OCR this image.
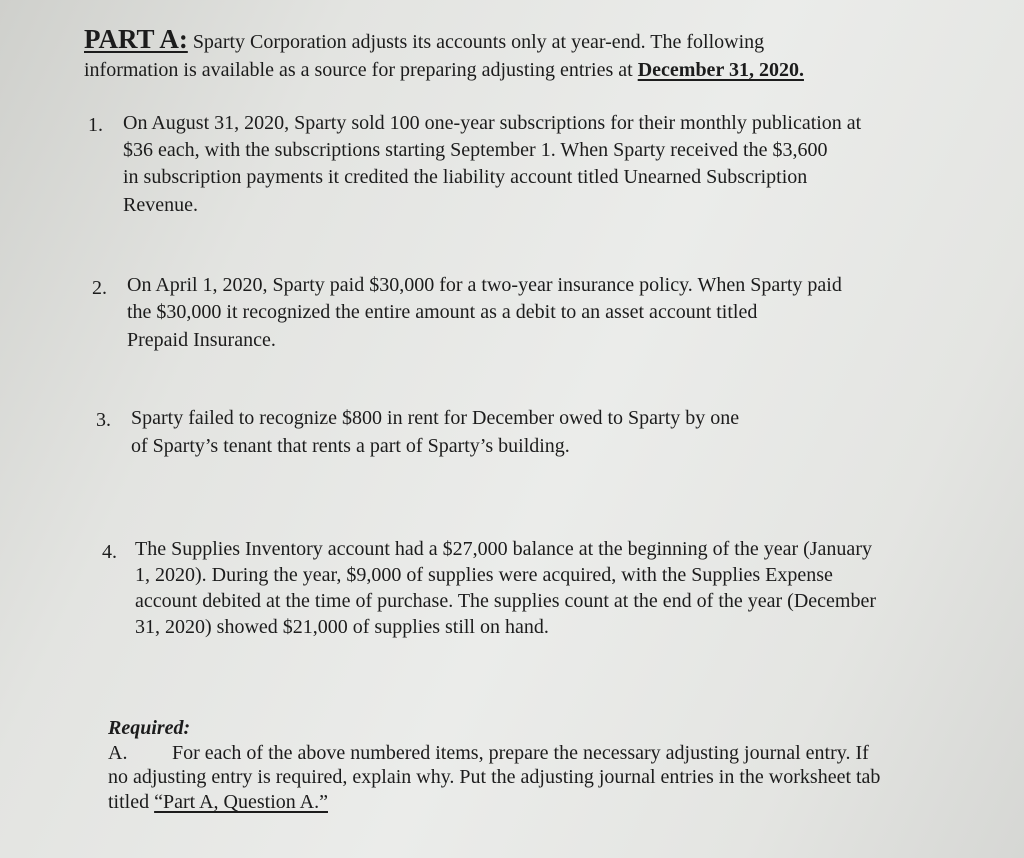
PART A: Sparty Corporation adjusts its accounts only at year-end. The following
information is available as a source for preparing adjusting entries at December 31, 2020.
1. On August 31, 2020, Sparty sold 100 one-year subscriptions for their monthly publication at
$36 each, with the subscriptions starting September 1. When Sparty received the $3,600
in subscription payments it credited the liability account titled Unearned Subscription
Revenue.
2. On April 1, 2020, Sparty paid $30,000 for a two-year insurance policy. When Sparty paid
the $30,000 it recognized the entire amount as a debit to an asset account titled
Prepaid Insurance.
3. Sparty failed to recognize $800 in rent for December owed to Sparty by one
of Sparty’s tenant that rents a part of Sparty’s building.
4. The Supplies Inventory account had a $27,000 balance at the beginning of the year (January
1, 2020). During the year, $9,000 of supplies were acquired, with the Supplies Expense
account debited at the time of purchase. The supplies count at the end of the year (December
31, 2020) showed $21,000 of supplies still on hand.
Required:
A. For each of the above numbered items, prepare the necessary adjusting journal entry. If
no adjusting entry is required, explain why. Put the adjusting journal entries in the worksheet tab
titled “Part A, Question A.”
